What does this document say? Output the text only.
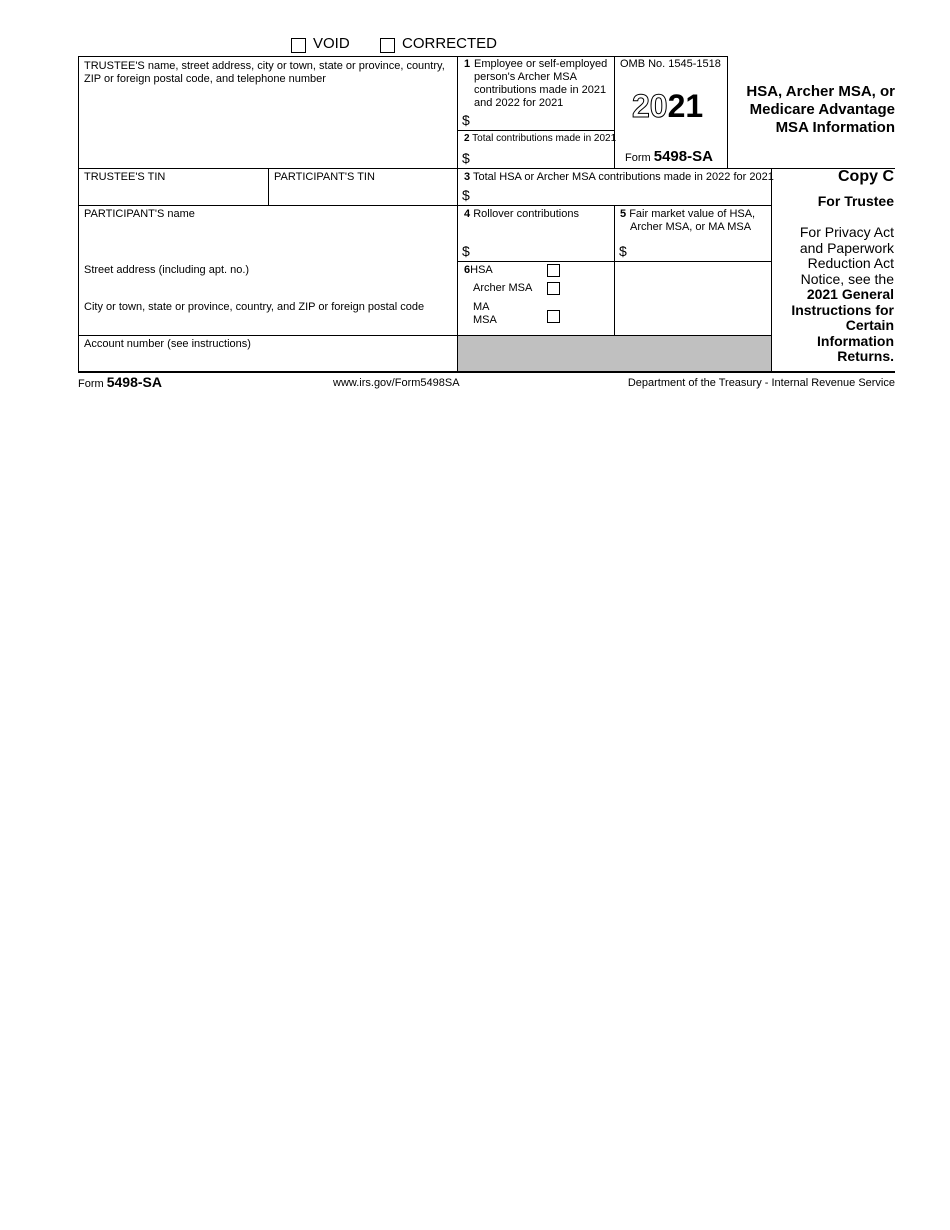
VOID	CORRECTED
TRUSTEE'S name, street address, city or town, state or province, country, ZIP or foreign postal code, and telephone number
1 Employee or self-employed person's Archer MSA contributions made in 2021 and 2022 for 2021
$
2 Total contributions made in 2021
$
OMB No. 1545-1518
2021
Form 5498-SA
HSA, Archer MSA, or
Medicare Advantage
MSA Information
TRUSTEE'S TIN	PARTICIPANT'S TIN	3 Total HSA or Archer MSA contributions made in 2022 for 2021
$
Copy C
For Trustee
For Privacy Act
and Paperwork
Reduction Act
Notice, see the
2021 General
Instructions for
Certain
Information
Returns.
PARTICIPANT'S name
Street address (including apt. no.)
City or town, state or province, country, and ZIP or foreign postal code
4 Rollover contributions
$
5 Fair market value of HSA,
Archer MSA, or MA MSA
$
6HSA
Archer MSA
MA
MSA
Account number (see instructions)
Form 5498-SA	www.irs.gov/Form5498SA	Department of the Treasury - Internal Revenue Service
